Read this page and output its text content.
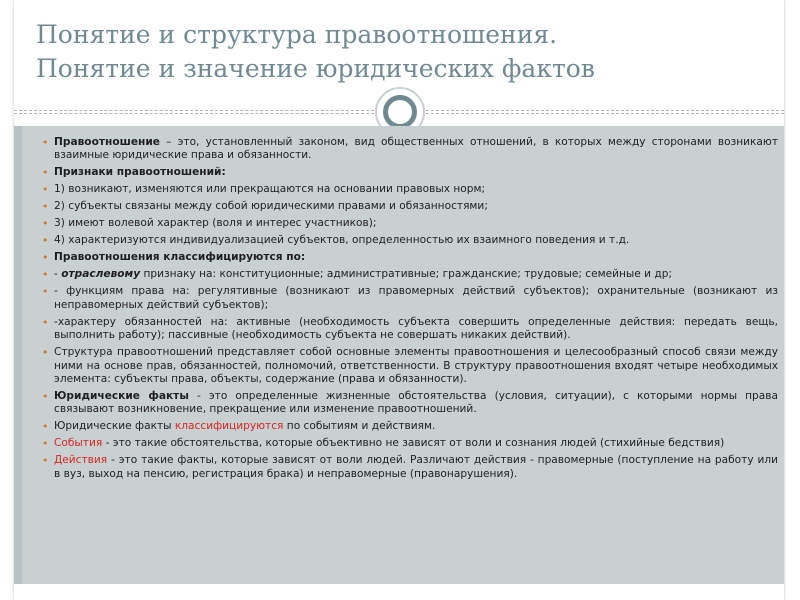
Понятие и структура правоотношения.
Понятие и значение юридических фактов
• Правоотношение – это, установленный законом, вид общественных отношений, в которых между сторонами возникают взаимные юридические права и обязанности.
• Признаки правоотношений:
• 1) возникают, изменяются или прекращаются на основании правовых норм;
• 2) субъекты связаны между собой юридическими правами и обязанностями;
• 3) имеют волевой характер (воля и интерес участников);
• 4) характеризуются индивидуализацией субъектов, определенностью их взаимного поведения и т.д.
• Правоотношения классифицируются по:
• - отраслевому признаку на: конституционные; административные; гражданские; трудовые; семейные и др;
• - функциям права на: регулятивные (возникают из правомерных действий субъектов); охранительные (возникают из неправомерных действий субъектов);
• -характеру обязанностей на: активные (необходимость субъекта совершить определенные действия: передать вещь, выполнить работу); пассивные (необходимость субъекта не совершать никаких действий).
• Структура правоотношений представляет собой основные элементы правоотношения и целесообразный способ связи между ними на основе прав, обязанностей, полномочий, ответственности. В структуру правоотношения входят четыре необходимых элемента: субъекты права, объекты, содержание (права и обязанности).
• Юридические факты - это определенные жизненные обстоятельства (условия, ситуации), с которыми нормы права связывают возникновение, прекращение или изменение правоотношений.
• Юридические факты классифицируются по событиям и действиям.
• События - это такие обстоятельства, которые объективно не зависят от воли и сознания людей (стихийные бедствия)
• Действия - это такие факты, которые зависят от воли людей. Различают действия - правомерные (поступление на работу или в вуз, выход на пенсию, регистрация брака) и неправомерные (правонарушения).
